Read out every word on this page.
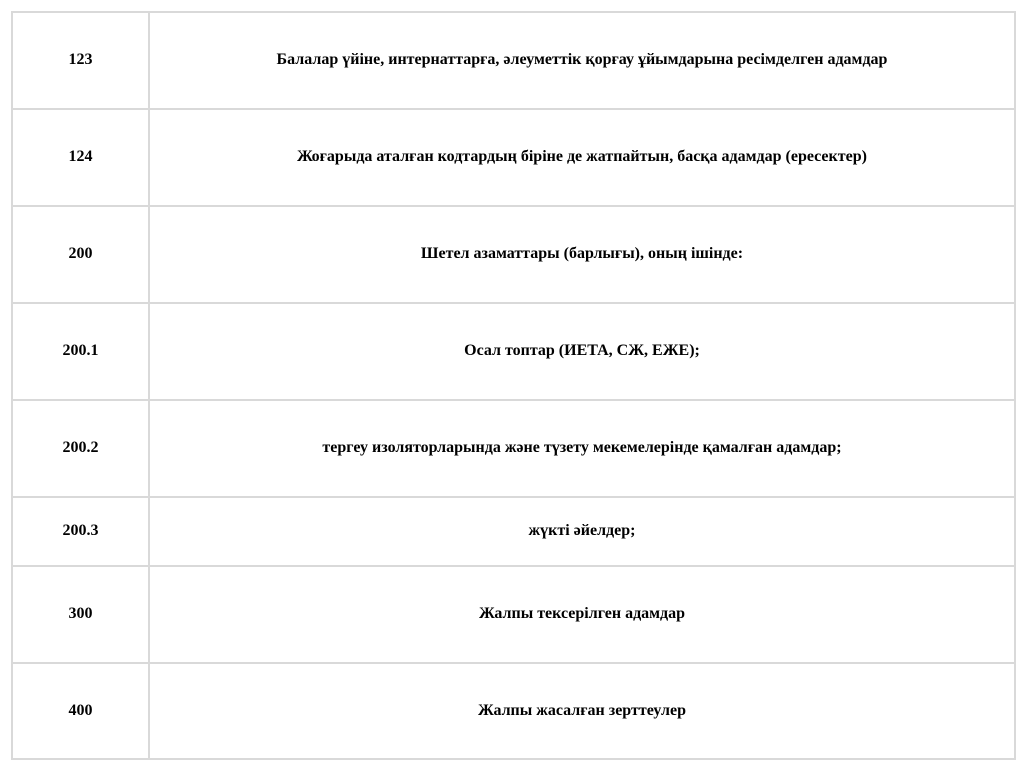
123	Балалар үйіне, интернаттарға, әлеуметтік қорғау ұйымдарына ресімделген адамдар
124	Жоғарыда аталған кодтардың біріне де жатпайтын, басқа адамдар (ересектер)
200	Шетел азаматтары (барлығы), оның ішінде:
200.1	Осал топтар (ИЕТА, СЖ, ЕЖЕ);
200.2	тергеу изоляторларында және түзету мекемелерінде қамалған адамдар;
200.3	жүкті әйелдер;
300	Жалпы тексерілген адамдар
400	Жалпы жасалған зерттеулер
